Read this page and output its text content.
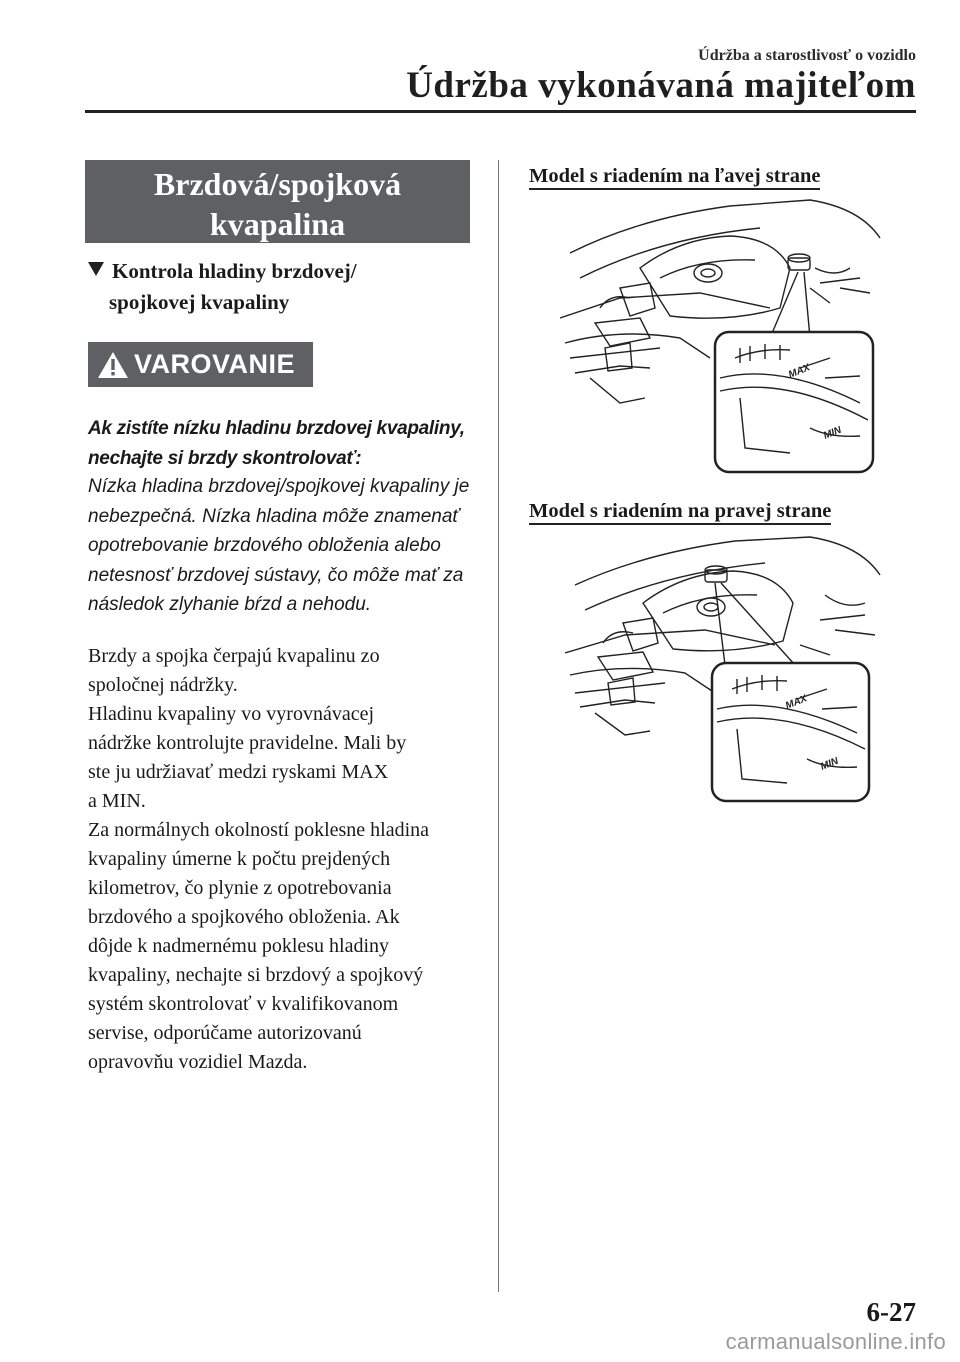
Údržba a starostlivosť o vozidlo
Údržba vykonávaná majiteľom
Brzdová/spojková
kvapalina
Kontrola hladiny brzdovej/
spojkovej kvapaliny
VAROVANIE
Ak zistíte nízku hladinu brzdovej kvapaliny, nechajte si brzdy skontrolovať:
Nízka hladina brzdovej/spojkovej kvapaliny je nebezpečná. Nízka hladina môže znamenať opotrebovanie brzdového obloženia alebo netesnosť brzdovej sústavy, čo môže mať za následok zlyhanie bŕzd a nehodu.
Brzdy a spojka čerpajú kvapalinu zo
spoločnej nádržky.
Hladinu kvapaliny vo vyrovnávacej
nádržke kontrolujte pravidelne. Mali by
ste ju udržiavať medzi ryskami MAX
a MIN.
Za normálnych okolností poklesne hladina
kvapaliny úmerne k počtu prejdených
kilometrov, čo plynie z opotrebovania
brzdového a spojkového obloženia. Ak
dôjde k nadmernému poklesu hladiny
kvapaliny, nechajte si brzdový a spojkový
systém skontrolovať v kvalifikovanom
servise, odporúčame autorizovanú
opravovňu vozidiel Mazda.
Model s riadením na ľavej strane
MAX
MIN
Model s riadením na pravej strane
MAX
MIN
6-27
carmanualsonline.info
